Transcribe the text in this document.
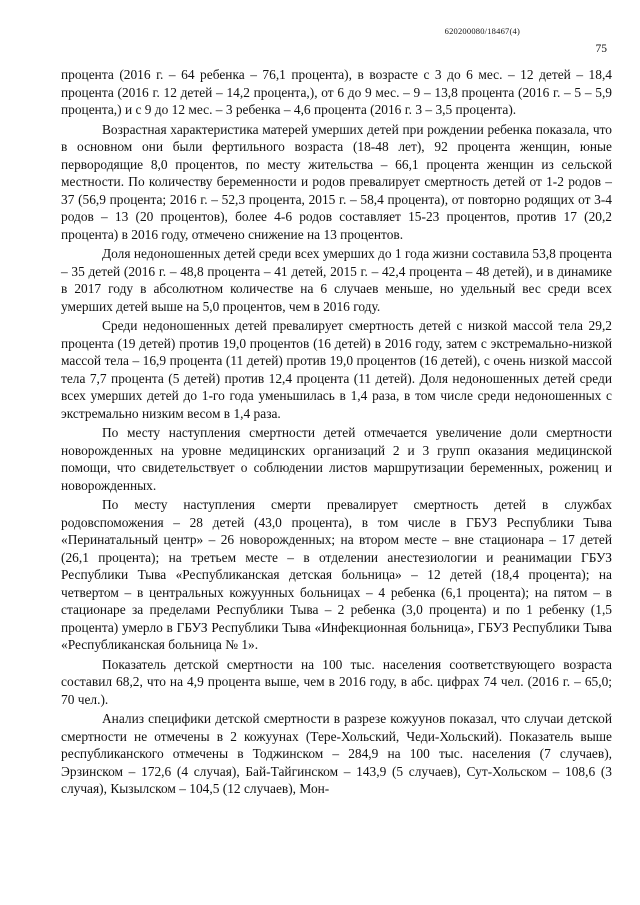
620200080/18467(4)
75

процента (2016 г. – 64 ребенка – 76,1 процента), в возрасте с 3 до 6 мес. – 12 детей – 18,4 процента (2016 г. 12 детей – 14,2 процента,), от 6 до 9 мес. – 9 – 13,8 процента (2016 г. – 5 – 5,9 процента,) и с 9 до 12 мес. – 3 ребенка – 4,6 процента (2016 г. 3 – 3,5 процента).

Возрастная характеристика матерей умерших детей при рождении ребенка показала, что в основном они были фертильного возраста (18-48 лет), 92 процента женщин, юные первородящие 8,0 процентов, по месту жительства – 66,1 процента женщин из сельской местности. По количеству беременности и родов превалирует смертность детей от 1-2 родов – 37 (56,9 процента; 2016 г. – 52,3 процента, 2015 г. – 58,4 процента), от повторно родящих от 3-4 родов – 13 (20 процентов), более 4-6 родов составляет 15-23 процентов, против 17 (20,2 процента) в 2016 году, отмечено снижение на 13 процентов.

Доля недоношенных детей среди всех умерших до 1 года жизни составила 53,8 процента – 35 детей (2016 г. – 48,8 процента – 41 детей, 2015 г. – 42,4 процента – 48 детей), и в динамике в 2017 году в абсолютном количестве на 6 случаев меньше, но удельный вес среди всех умерших детей выше на 5,0 процентов, чем в 2016 году.

Среди недоношенных детей превалирует смертность детей с низкой массой тела 29,2 процента (19 детей) против 19,0 процентов (16 детей) в 2016 году, затем с экстремально-низкой массой тела – 16,9 процента (11 детей) против 19,0 процентов (16 детей), с очень низкой массой тела 7,7 процента (5 детей) против 12,4 процента (11 детей). Доля недоношенных детей среди всех умерших детей до 1-го года уменьшилась в 1,4 раза, в том числе среди недоношенных с экстремально низким весом в 1,4 раза.

По месту наступления смертности детей отмечается увеличение доли смертности новорожденных на уровне медицинских организаций 2 и 3 групп оказания медицинской помощи, что свидетельствует о соблюдении листов маршрутизации беременных, рожениц и новорожденных.

По месту наступления смерти превалирует смертность детей в службах родовспоможения – 28 детей (43,0 процента), в том числе в ГБУЗ Республики Тыва «Перинатальный центр» – 26 новорожденных; на втором месте – вне стационара – 17 детей (26,1 процента); на третьем месте – в отделении анестезиологии и реанимации ГБУЗ Республики Тыва «Республиканская детская больница» – 12 детей (18,4 процента); на четвертом – в центральных кожуунных больницах – 4 ребенка (6,1 процента); на пятом – в стационаре за пределами Республики Тыва – 2 ребенка (3,0 процента) и по 1 ребенку (1,5 процента) умерло в ГБУЗ Республики Тыва «Инфекционная больница», ГБУЗ Республики Тыва «Республиканская больница № 1».

Показатель детской смертности на 100 тыс. населения соответствующего возраста составил 68,2, что на 4,9 процента выше, чем в 2016 году, в абс. цифрах 74 чел. (2016 г. – 65,0; 70 чел.).

Анализ специфики детской смертности в разрезе кожуунов показал, что случаи детской смертности не отмечены в 2 кожуунах (Тере-Хольский, Чеди-Хольский). Показатель выше республиканского отмечены в Тоджинском – 284,9 на 100 тыс. населения (7 случаев), Эрзинском – 172,6 (4 случая), Бай-Тайгинском – 143,9 (5 случаев), Сут-Хольском – 108,6 (3 случая), Кызылском – 104,5 (12 случаев), Мон-
